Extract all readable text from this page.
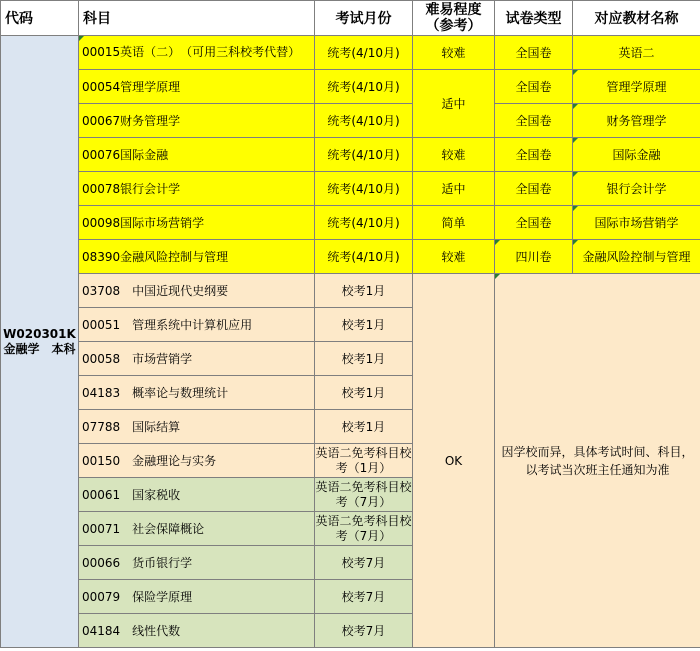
代码	科目	考试月份	难易程度（参考）	试卷类型	对应教材名称

W020301K
金融学　本科	00015英语（二）　（可用三科校考代替）	统考(4/10月)	较难	全国卷	英语二
	00054管理学原理	统考(4/10月)	适中	全国卷	管理学原理
	00067财务管理学	统考(4/10月)		全国卷	财务管理学
	00076国际金融	统考(4/10月)	较难	全国卷	国际金融
	00078银行会计学	统考(4/10月)	适中	全国卷	银行会计学
	00098国际市场营销学	统考(4/10月)	简单	全国卷	国际市场营销学
	08390金融风险控制与管理	统考(4/10月)	较难	四川卷	金融风险控制与管理
	03708　中国近现代史纲要	校考1月	OK	因学校而异，具体考试时间、科目，以考试当次班主任通知为准	

	00051　管理系统中计算机应用	校考1月			
	00058　市场营销学	校考1月			
	04183　概率论与数理统计	校考1月			
	07788　国际结算	校考1月			
	00150　金融理论与实务	英语二免考科目校考（1月）			
	00061　国家税收	英语二免考科目校考（7月）			
	00071　社会保障概论	英语二免考科目校考（7月）			
	00066　货币银行学	校考7月			
	00079　保险学原理	校考7月			
	04184　线性代数	校考7月			
